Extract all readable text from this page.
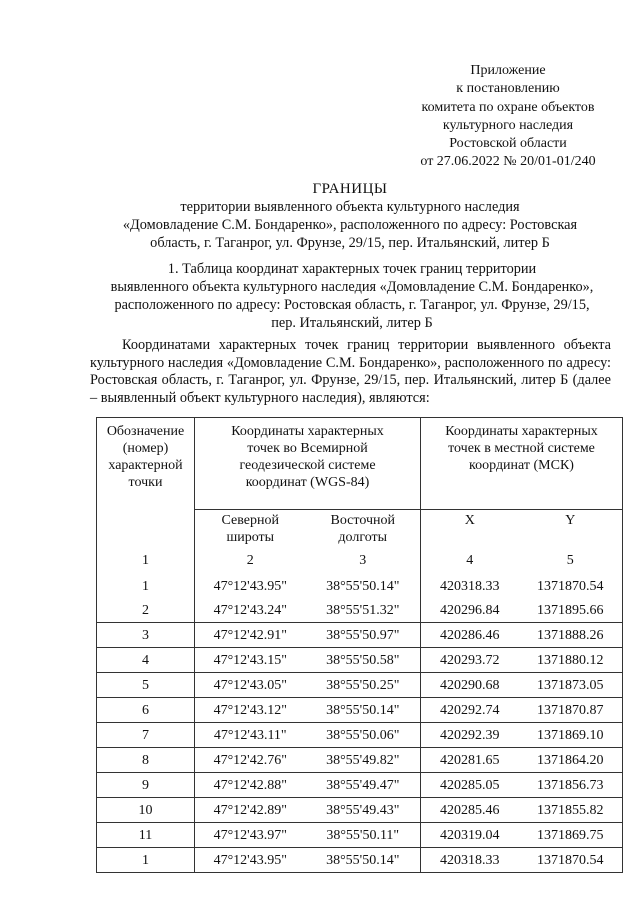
Приложение
к постановлению
комитета по охране объектов
культурного наследия
Ростовской области
от 27.06.2022 № 20/01-01/240
ГРАНИЦЫ
территории выявленного объекта культурного наследия
«Домовладение С.М. Бондаренко», расположенного по адресу: Ростовская
область, г. Таганрог, ул. Фрунзе, 29/15, пер. Итальянский, литер Б
1. Таблица координат характерных точек границ территории
выявленного объекта культурного наследия «Домовладение С.М. Бондаренко»,
расположенного по адресу: Ростовская область, г. Таганрог, ул. Фрунзе, 29/15,
пер. Итальянский, литер Б
Координатами характерных точек границ территории выявленного объекта культурного наследия «Домовладение С.М. Бондаренко», расположенного по адресу: Ростовская область, г. Таганрог, ул. Фрунзе, 29/15, пер. Итальянский, литер Б (далее – выявленный объект культурного наследия), являются:
Обозначение (номер) характерной точки	Координаты характерных точек во Всемирной геодезической системе координат (WGS-84)		Координаты характерных точек в местной системе координат (МСК)	
	Северной широты	Восточной долготы	X	Y
1	2	3	4	5
1	47°12'43.95"	38°55'50.14"	420318.33	1371870.54
2	47°12'43.24"	38°55'51.32"	420296.84	1371895.66
3	47°12'42.91"	38°55'50.97"	420286.46	1371888.26
4	47°12'43.15"	38°55'50.58"	420293.72	1371880.12
5	47°12'43.05"	38°55'50.25"	420290.68	1371873.05
6	47°12'43.12"	38°55'50.14"	420292.74	1371870.87
7	47°12'43.11"	38°55'50.06"	420292.39	1371869.10
8	47°12'42.76"	38°55'49.82"	420281.65	1371864.20
9	47°12'42.88"	38°55'49.47"	420285.05	1371856.73
10	47°12'42.89"	38°55'49.43"	420285.46	1371855.82
11	47°12'43.97"	38°55'50.11"	420319.04	1371869.75
1	47°12'43.95"	38°55'50.14"	420318.33	1371870.54
